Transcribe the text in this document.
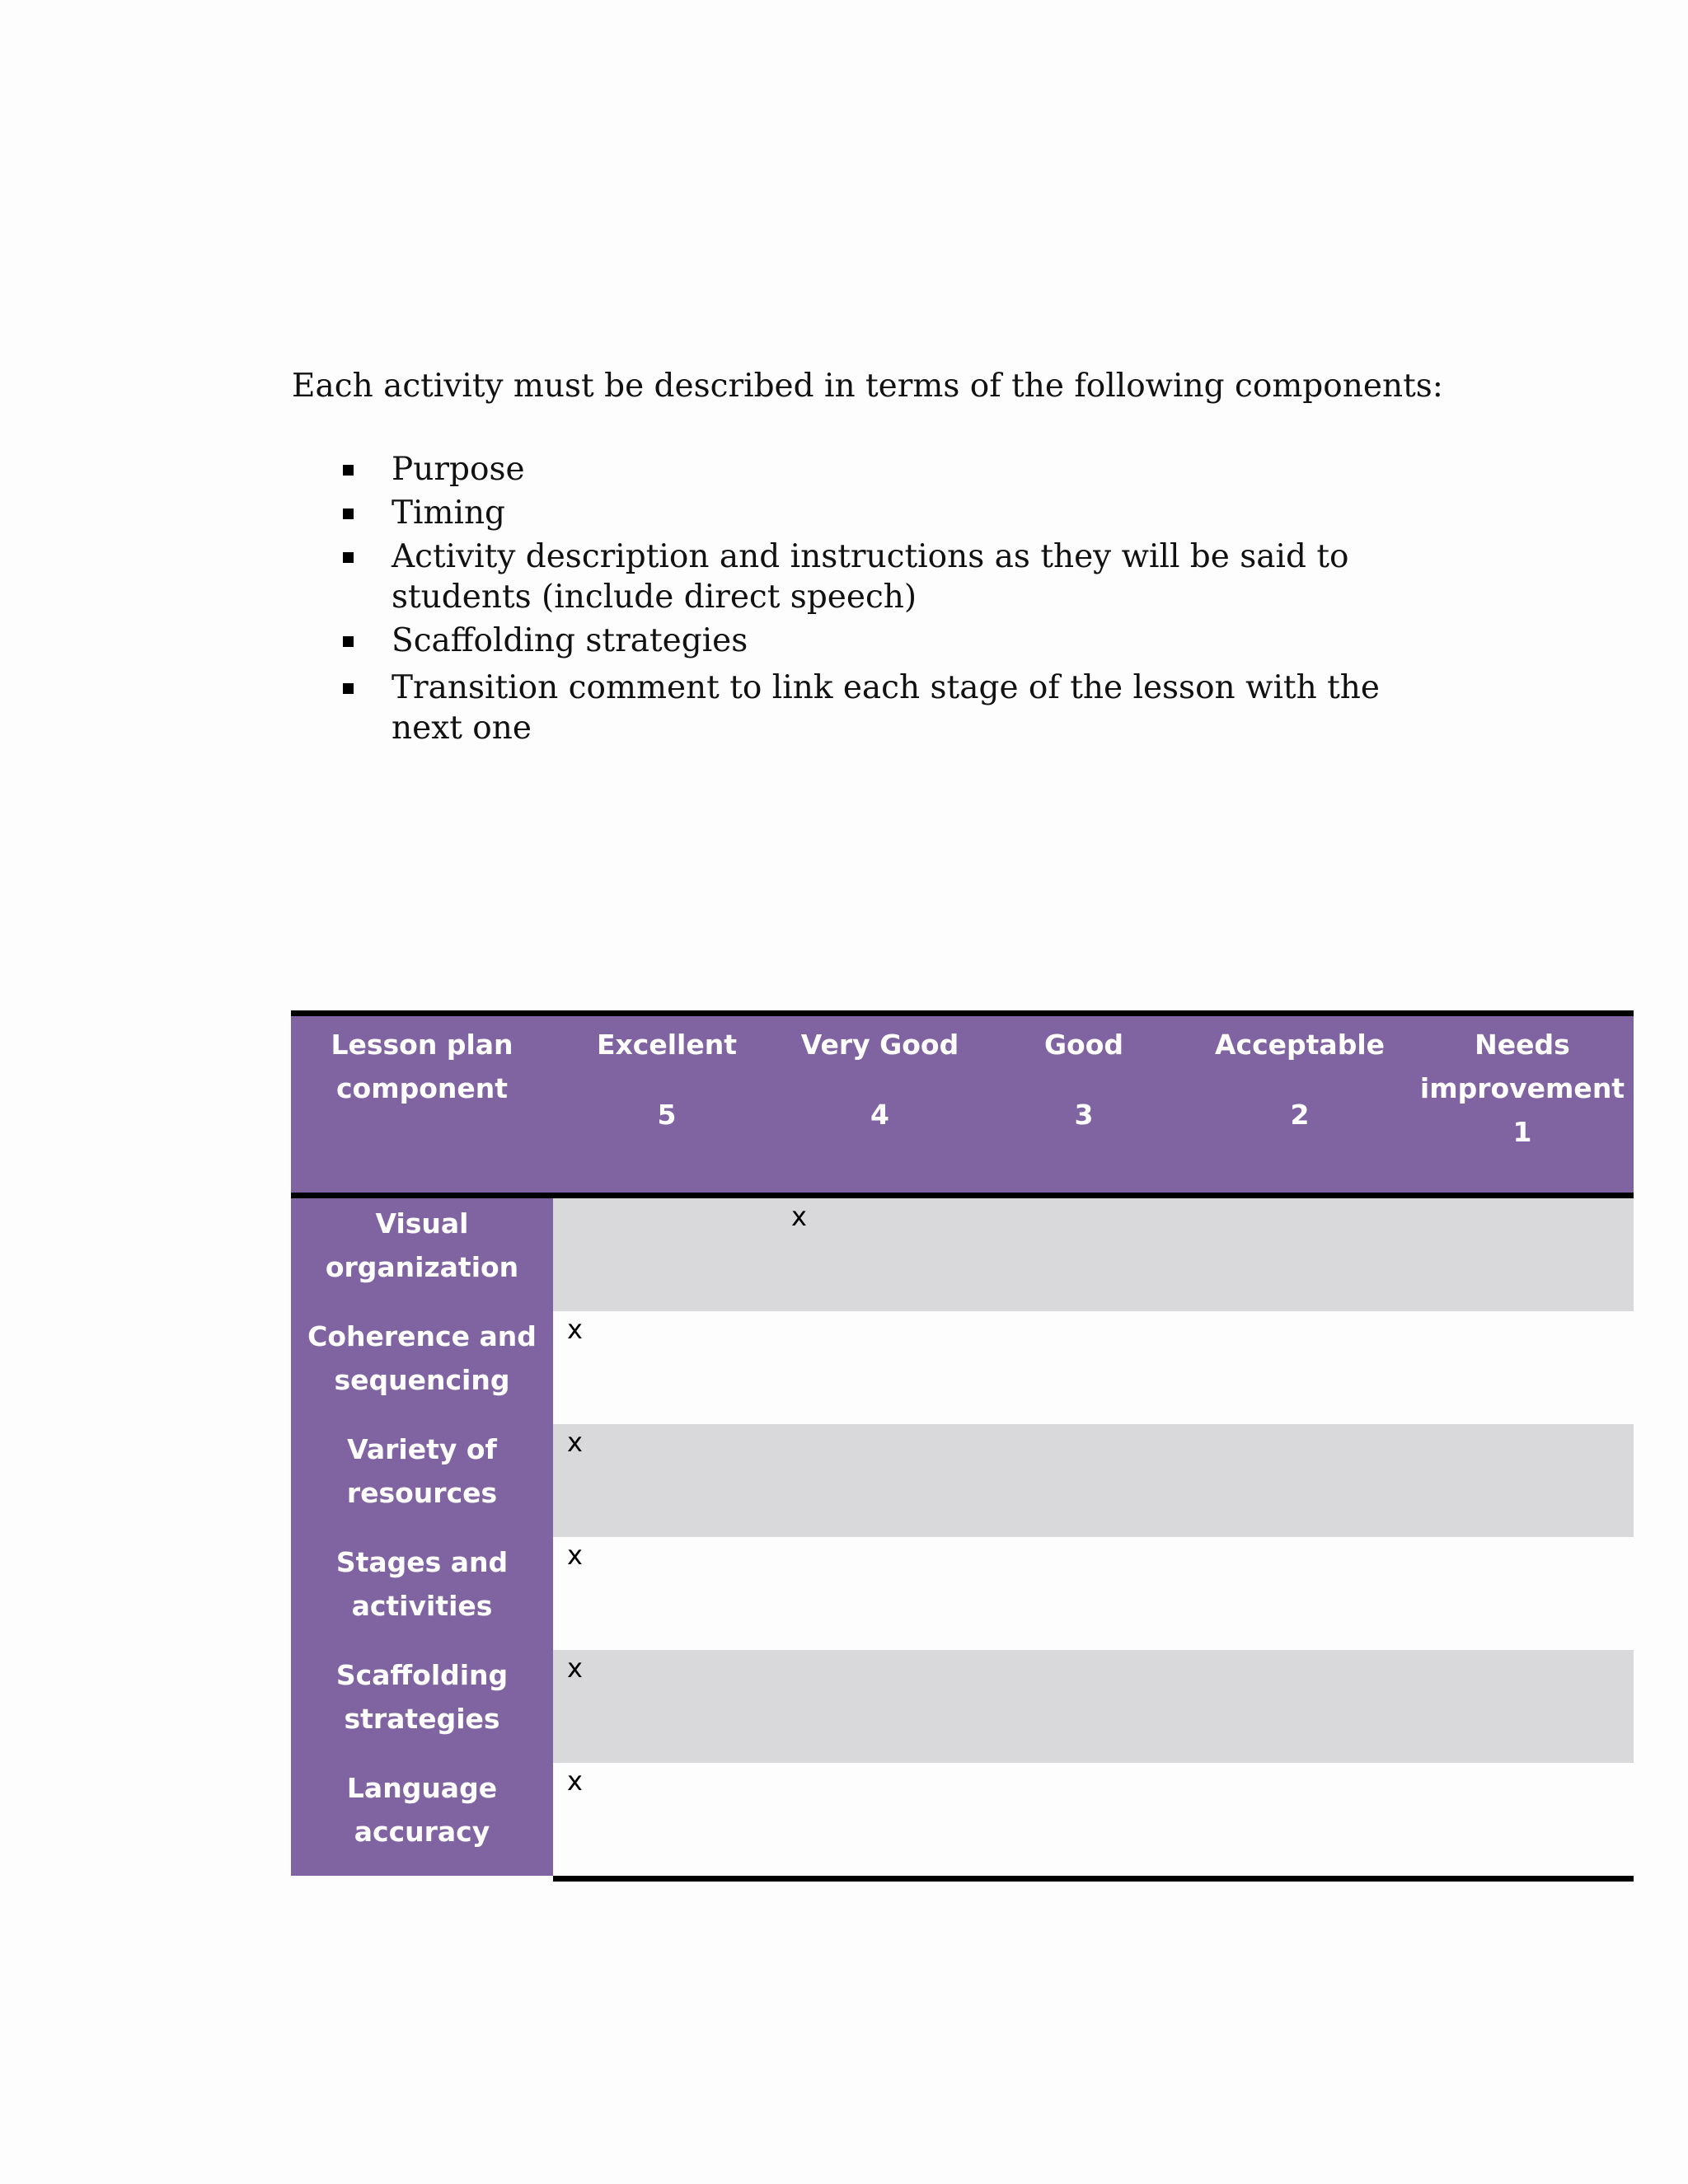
Each activity must be described in terms of the following components:
Purpose
Timing
Activity description and instructions as they will be said to students (include direct speech)
Scaffolding strategies
Transition comment to link each stage of the lesson with the next one
Lesson plan component
Excellent
5
Very Good
4
Good
3
Acceptable
2
Needs improvement
1
Visual organization
x
Coherence and sequencing
x
Variety of resources
x
Stages and activities
x
Scaffolding strategies
x
Language accuracy
x
